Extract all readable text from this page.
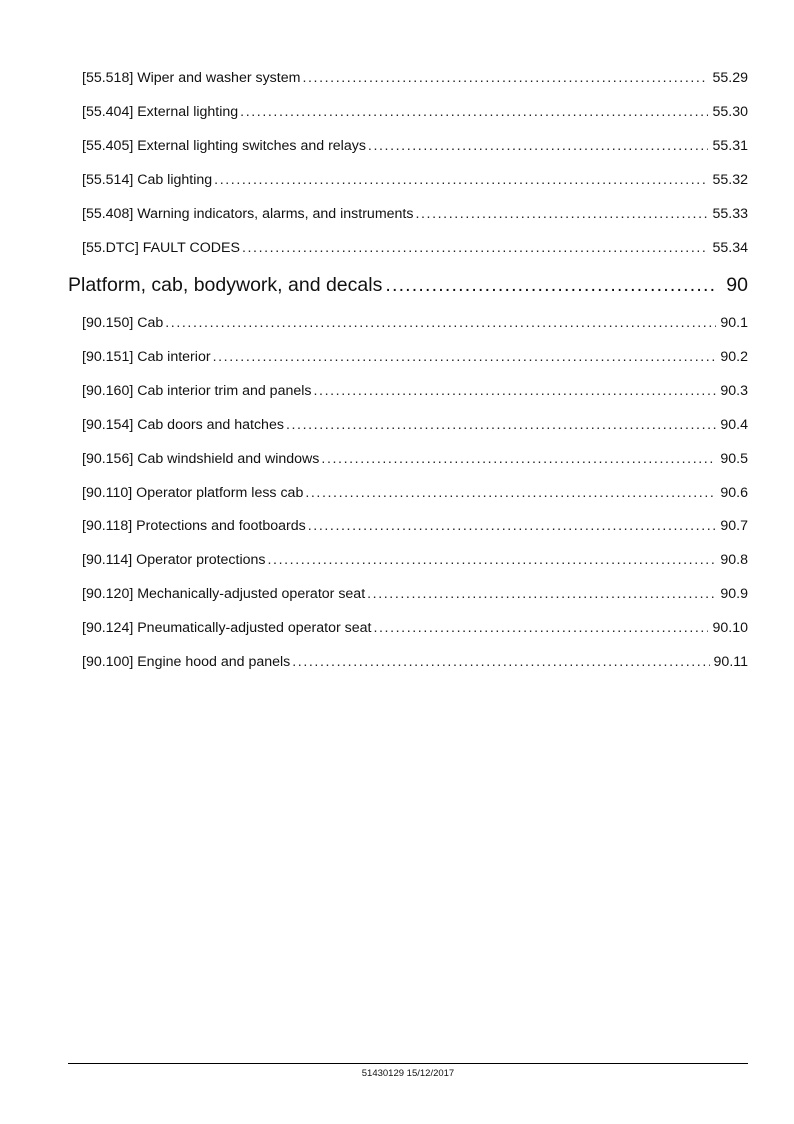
[55.518] Wiper and washer system .....	55.29
[55.404] External lighting .....	55.30
[55.405] External lighting switches and relays .....	55.31
[55.514] Cab lighting .....	55.32
[55.408] Warning indicators, alarms, and instruments .....	55.33
[55.DTC] FAULT CODES .....	55.34
Platform, cab, bodywork, and decals .....	90
[90.150] Cab .....	90.1
[90.151] Cab interior .....	90.2
[90.160] Cab interior trim and panels .....	90.3
[90.154] Cab doors and hatches .....	90.4
[90.156] Cab windshield and windows .....	90.5
[90.110] Operator platform less cab .....	90.6
[90.118] Protections and footboards .....	90.7
[90.114] Operator protections .....	90.8
[90.120] Mechanically-adjusted operator seat .....	90.9
[90.124] Pneumatically-adjusted operator seat .....	90.10
[90.100] Engine hood and panels .....	90.11
51430129 15/12/2017
